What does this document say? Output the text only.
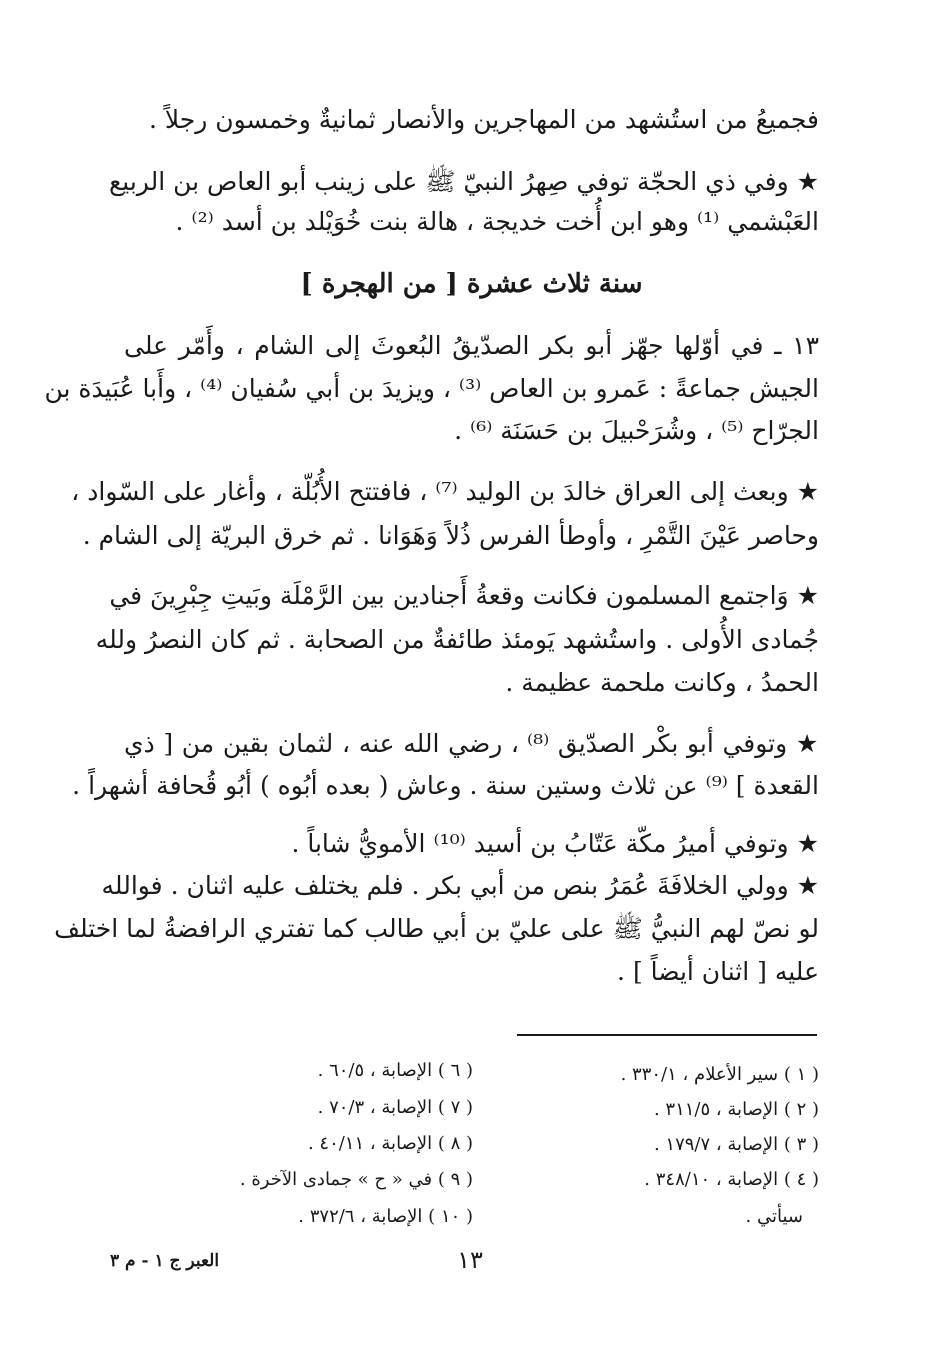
فجميعُ من استُشهد من المهاجرين والأنصار ثمانيةٌ وخمسون رجلاً .
★ وفي ذي الحجّة توفي صِهرُ النبيّ ﷺ على زينب أبو العاص بن الربيع
العَبْشمي ⁽¹⁾ وهو ابن أُخت خديجة ، هالة بنت خُوَيْلد بن أسد ⁽²⁾ .
سنة ثلاث عشرة [ من الهجرة ]
١٣ ـ في أوّلها جهّز أبو بكر الصدّيقُ البُعوثَ إلى الشام ، وأَمّر على
الجيش جماعةً : عَمرو بن العاص ⁽³⁾ ، ويزيدَ بن أبي سُفيان ⁽⁴⁾ ، وأَبا عُبَيدَة بن
الجرّاح ⁽⁵⁾ ، وشُرَحْبيلَ بن حَسَنَة ⁽⁶⁾ .
★ وبعث إلى العراق خالدَ بن الوليد ⁽⁷⁾ ، فافتتح الأُبُلّة ، وأغار على السّواد ،
وحاصر عَيْنَ التَّمْرِ ، وأوطأ الفرس ذُلاً وَهَوَانا . ثم خرق البريّة إلى الشام .
★ وَاجتمع المسلمون فكانت وقعةُ أَجنادين بين الرَّمْلَة وبَيتِ جِبْرِينَ في
جُمادى الأُولى . واستُشهد يَومئذ طائفةٌ من الصحابة . ثم كان النصرُ ولله
الحمدُ ، وكانت ملحمة عظيمة .
★ وتوفي أبو بكْر الصدّيق ⁽⁸⁾ ، رضي الله عنه ، لثمان بقين من [ ذي
القعدة ] ⁽⁹⁾ عن ثلاث وستين سنة . وعاش ( بعده أبُوه ) أبُو قُحافة أشهراً .
★ وتوفي أميرُ مكّة عَتّابُ بن أسيد ⁽¹⁰⁾ الأمويُّ شاباً .
★ وولي الخلافَةَ عُمَرُ بنص من أبي بكر . فلم يختلف عليه اثنان . فوالله
لو نصّ لهم النبيُّ ﷺ على عليّ بن أبي طالب كما تفتري الرافضةُ لما اختلف
عليه [ اثنان أيضاً ] .
( ١ ) سير الأعلام ، ٣٣٠/١ .
( ٢ ) الإصابة ، ٣١١/٥ .
( ٣ ) الإصابة ، ١٧٩/٧ .
( ٤ ) الإصابة ، ٣٤٨/١٠ .
سيأتي .
( ٦ ) الإصابة ، ٦٠/٥ .
( ٧ ) الإصابة ، ٧٠/٣ .
( ٨ ) الإصابة ، ٤٠/١١ .
( ٩ ) في « ح » جمادى الآخرة .
( ١٠ ) الإصابة ، ٣٧٢/٦ .
١٣
العبر ج ١ - م ٣
